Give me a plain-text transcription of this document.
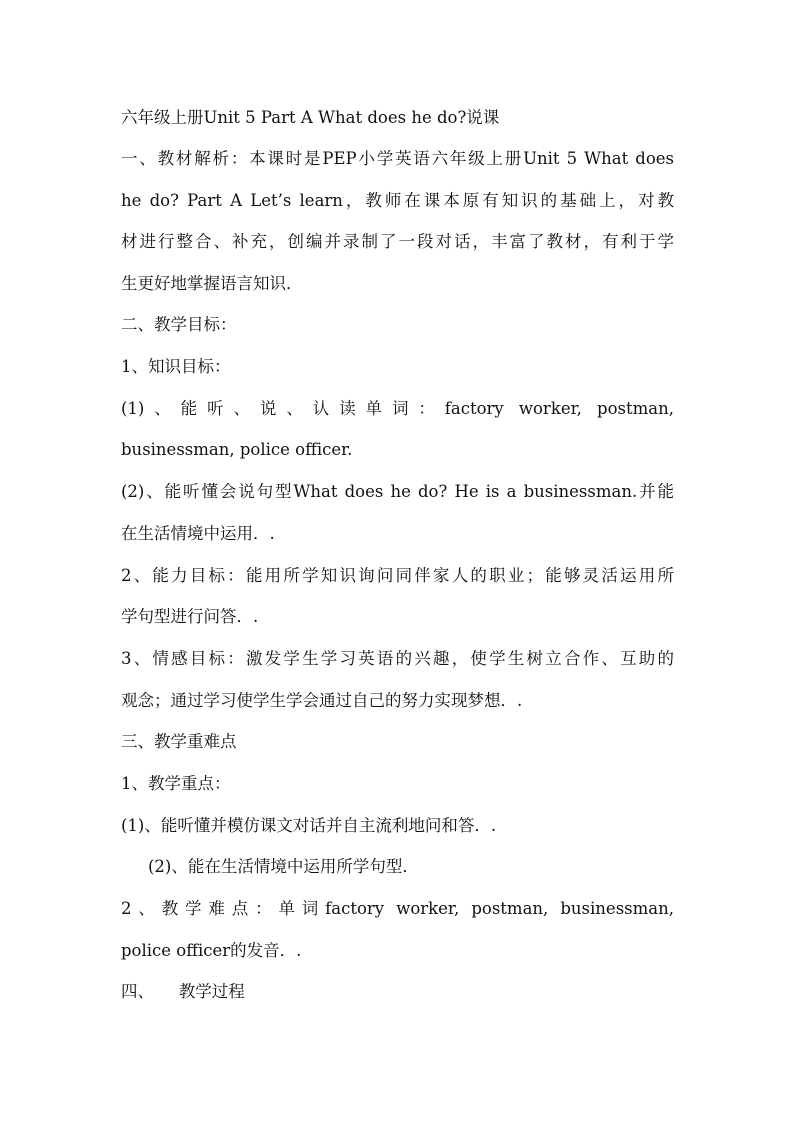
六年级上册Unit 5 Part A What does he do?说课
一、教材解析：本课时是PEP小学英语六年级上册Unit 5 What does
he do? Part A Let’s learn，教师在课本原有知识的基础上，对教
材进行整合、补充，创编并录制了一段对话，丰富了教材，有利于学
生更好地掌握语言知识．
二、教学目标：
1、知识目标：
(1)、能听、说、认读单词：factory worker, postman,
businessman, police officer.
(2)、能听懂会说句型What does he do? He is a businessman.并能
在生活情境中运用．.
2、能力目标：能用所学知识询问同伴家人的职业；能够灵活运用所
学句型进行问答．.
3、情感目标：激发学生学习英语的兴趣，使学生树立合作、互助的
观念；通过学习使学生学会通过自己的努力实现梦想．.
三、教学重难点
1、教学重点：
(1)、能听懂并模仿课文对话并自主流利地问和答．.
(2)、能在生活情境中运用所学句型．
2、教学难点：单词factory worker, postman, businessman,
police officer的发音．.
四、　　教学过程
